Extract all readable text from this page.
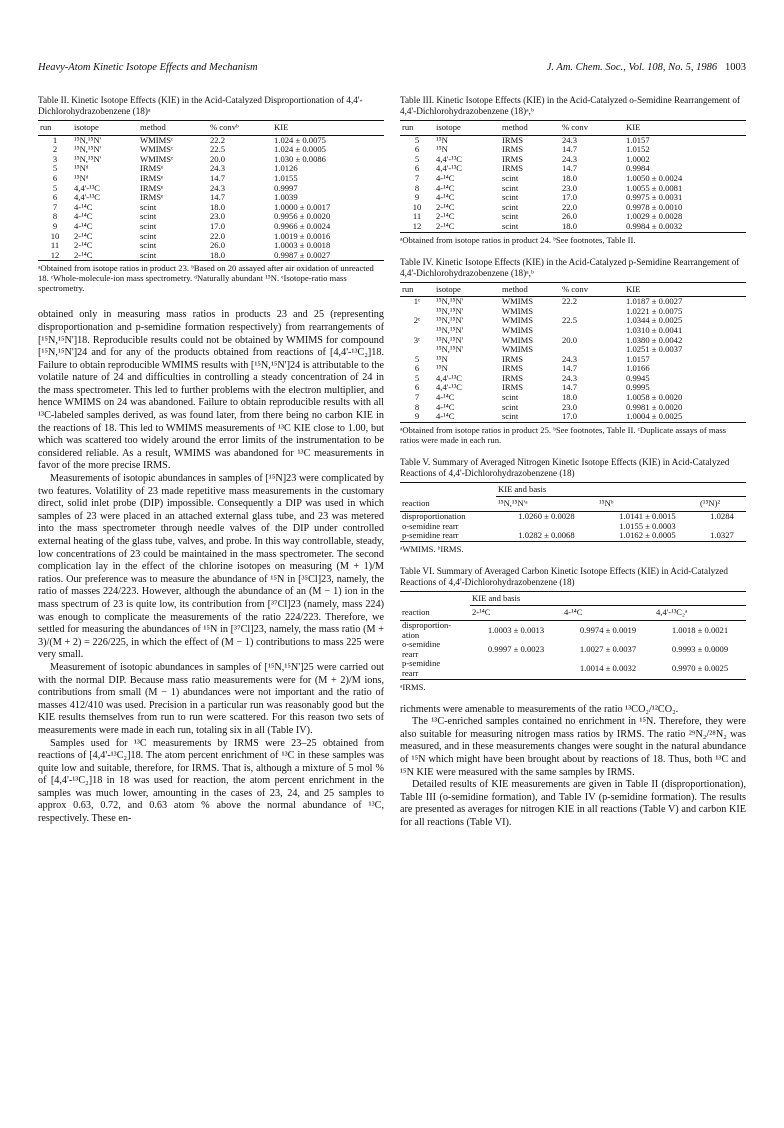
Heavy-Atom Kinetic Isotope Effects and Mechanism	J. Am. Chem. Soc., Vol. 108, No. 5, 1986 1003

Table II. Kinetic Isotope Effects (KIE) in the Acid-Catalyzed Disproportionation of 4,4'-Dichlorohydrazobenzene (18)ᵃ

run	isotope	method	% convᵇ	KIE
1	¹⁵N,¹⁵N'	WMIMSᶜ	22.2	1.024 ± 0.0075
2	¹⁵N,¹⁵N'	WMIMSᶜ	22.5	1.024 ± 0.0005
3	¹⁵N,¹⁵N'	WMIMSᶜ	20.0	1.030 ± 0.0086
5	¹⁵Nᵈ	IRMSᵉ	24.3	1.0126
6	¹⁵Nᵈ	IRMSᵉ	14.7	1.0155
5	4,4'-¹³C	IRMSᵉ	24.3	0.9997
6	4,4'-¹³C	IRMSᵉ	14.7	1.0039
7	4-¹⁴C	scint	18.0	1.0000 ± 0.0017
8	4-¹⁴C	scint	23.0	0.9956 ± 0.0020
9	4-¹⁴C	scint	17.0	0.9966 ± 0.0024
10	2-¹⁴C	scint	22.0	1.0019 ± 0.0016
11	2-¹⁴C	scint	26.0	1.0003 ± 0.0018
12	2-¹⁴C	scint	18.0	0.9987 ± 0.0027

ᵃObtained from isotope ratios in product 23. ᵇBased on 20 assayed after air oxidation of unreacted 18. ᶜWhole-molecule-ion mass spectrometry. ᵈNaturally abundant ¹⁵N. ᵉIsotope-ratio mass spectrometry.

obtained only in measuring mass ratios in products 23 and 25 (representing disproportionation and p-semidine formation respectively) from rearrangements of [¹⁵N,¹⁵N']18. Reproducible results could not be obtained by WMIMS for compound [¹⁵N,¹⁵N']24 and for any of the products obtained from reactions of [4,4'-¹³C₂]18. Failure to obtain reproducible WMIMS results with [¹⁵N,¹⁵N']24 is attributable to the volatile nature of 24 and difficulties in controlling a steady concentration of 24 in the mass spectrometer. This led to further problems with the electron multiplier, and hence WMIMS on 24 was abandoned. Failure to obtain reproducible results with all ¹³C-labeled samples derived, as was found later, from there being no carbon KIE in the reactions of 18. This led to WMIMS measurements of ¹³C KIE close to 1.00, but which was scattered too widely around the error limits of the instrumentation to be considered reliable. As a result, WMIMS was abandoned for ¹³C measurements in favor of the more precise IRMS.

Measurements of isotopic abundances in samples of [¹⁵N]23 were complicated by two features. Volatility of 23 made repetitive mass measurements in the customary direct, solid inlet probe (DIP) impossible. Consequently a DIP was used in which samples of 23 were placed in an attached external glass tube, and 23 was metered into the mass spectrometer through needle valves of the DIP under controlled external heating of the glass tube, valves, and probe. In this way controllable, steady, low concentrations of 23 could be maintained in the mass spectrometer. The second complication lay in the effect of the chlorine isotopes on measuring (M + 1)/M ratios. Our preference was to measure the abundance of ¹⁵N in [³⁵Cl]23, namely, the ratio of masses 224/223. However, although the abundance of an (M − 1) ion in the mass spectrum of 23 is quite low, its contribution from [³⁷Cl]23 (namely, mass 224) was enough to complicate the measurements of the ratio 224/223. Therefore, we settled for measuring the abundances of ¹⁵N in [³⁷Cl]23, namely, the mass ratio (M + 3)/(M + 2) = 226/225, in which the effect of (M − 1) contributions to mass 225 were very small.

Measurement of isotopic abundances in samples of [¹⁵N,¹⁵N']25 were carried out with the normal DIP. Because mass ratio measurements were for (M + 2)/M ions, contributions from small (M − 1) abundances were not important and the ratio of masses 412/410 was used. Precision in a particular run was reasonably good but the KIE results themselves from run to run were scattered. For this reason two sets of measurements were made in each run, totaling six in all (Table IV).

Samples used for ¹³C measurements by IRMS were 23–25 obtained from reactions of [4,4'-¹³C₂]18. The atom percent enrichment of ¹³C in these samples was quite low and suitable, therefore, for IRMS. That is, although a mixture of 5 mol % of [4,4'-¹³C₂]18 in 18 was used for reaction, the atom percent enrichment in the samples was much lower, amounting in the cases of 23, 24, and 25 samples to approx 0.63, 0.72, and 0.63 atom % above the normal abundance of ¹³C, respectively. These en-

Table III. Kinetic Isotope Effects (KIE) in the Acid-Catalyzed o-Semidine Rearrangement of 4,4'-Dichlorohydrazobenzene (18)ᵃ,ᵇ

run	isotope	method	% conv	KIE
5	¹⁵N	IRMS	24.3	1.0157
6	¹⁵N	IRMS	14.7	1.0152
5	4,4'-¹³C	IRMS	24.3	1.0002
6	4,4'-¹³C	IRMS	14.7	0.9984
7	4-¹⁴C	scint	18.0	1.0050 ± 0.0024
8	4-¹⁴C	scint	23.0	1.0055 ± 0.0081
9	4-¹⁴C	scint	17.0	0.9975 ± 0.0031
10	2-¹⁴C	scint	22.0	0.9978 ± 0.0010
11	2-¹⁴C	scint	26.0	1.0029 ± 0.0028
12	2-¹⁴C	scint	18.0	0.9984 ± 0.0032

ᵃObtained from isotope ratios in product 24. ᵇSee footnotes, Table II.

Table IV. Kinetic Isotope Effects (KIE) in the Acid-Catalyzed p-Semidine Rearrangement of 4,4'-Dichlorohydrazobenzene (18)ᵃ,ᵇ

run	isotope	method	% conv	KIE
1ᶜ	¹⁵N,¹⁵N'	WMIMS	22.2	1.0187 ± 0.0027
	¹⁵N,¹⁵N'	WMIMS		1.0221 ± 0.0075
2ᶜ	¹⁵N,¹⁵N'	WMIMS	22.5	1.0344 ± 0.0025
	¹⁵N,¹⁵N'	WMIMS		1.0310 ± 0.0041
3ᶜ	¹⁵N,¹⁵N'	WMIMS	20.0	1.0380 ± 0.0042
	¹⁵N,¹⁵N'	WMIMS		1.0251 ± 0.0037
5	¹⁵N	IRMS	24.3	1.0157
6	¹⁵N	IRMS	14.7	1.0166
5	4,4'-¹³C	IRMS	24.3	0.9945
6	4,4'-¹³C	IRMS	14.7	0.9995
7	4-¹⁴C	scint	18.0	1.0058 ± 0.0020
8	4-¹⁴C	scint	23.0	0.9981 ± 0.0020
9	4-¹⁴C	scint	17.0	1.0004 ± 0.0025

ᵃObtained from isotope ratios in product 25. ᵇSee footnotes, Table II. ᶜDuplicate assays of mass ratios were made in each run.

Table V. Summary of Averaged Nitrogen Kinetic Isotope Effects (KIE) in Acid-Catalyzed Reactions of 4,4'-Dichlorohydrazobenzene (18)

	KIE and basis		
reaction	¹⁵N,¹⁵N'ᵃ	¹⁵Nᵇ	(¹⁵N)²
disproportionation	1.0260 ± 0.0028	1.0141 ± 0.0015	1.0284
o-semidine rearr		1.0155 ± 0.0003	
p-semidine rearr	1.0282 ± 0.0068	1.0162 ± 0.0005	1.0327

ᵃWMIMS. ᵇIRMS.

Table VI. Summary of Averaged Carbon Kinetic Isotope Effects (KIE) in Acid-Catalyzed Reactions of 4,4'-Dichlorohydrazobenzene (18)

	KIE and basis		
reaction	2-¹⁴C	4-¹⁴C	4,4'-¹³C₂ᵃ
disproportion-
ation	1.0003 ± 0.0013	0.9974 ± 0.0019	1.0018 ± 0.0021
o-semidine
rearr	0.9997 ± 0.0023	1.0027 ± 0.0037	0.9993 ± 0.0009
p-semidine
rearr		1.0014 ± 0.0032	0.9970 ± 0.0025

ᵃIRMS.

richments were amenable to measurements of the ratio ¹³CO₂/¹²CO₂.

The ¹³C-enriched samples contained no enrichment in ¹⁵N. Therefore, they were also suitable for measuring nitrogen mass ratios by IRMS. The ratio ²⁹N₂/²⁸N₂ was measured, and in these measurements changes were sought in the natural abundance of ¹⁵N which might have been brought about by reactions of 18. Thus, both ¹³C and ¹⁵N KIE were measured with the same samples by IRMS.

Detailed results of KIE measurements are given in Table II (disproportionation), Table III (o-semidine formation), and Table IV (p-semidine formation). The results are presented as averages for nitrogen KIE in all reactions (Table V) and carbon KIE for all reactions (Table VI).
